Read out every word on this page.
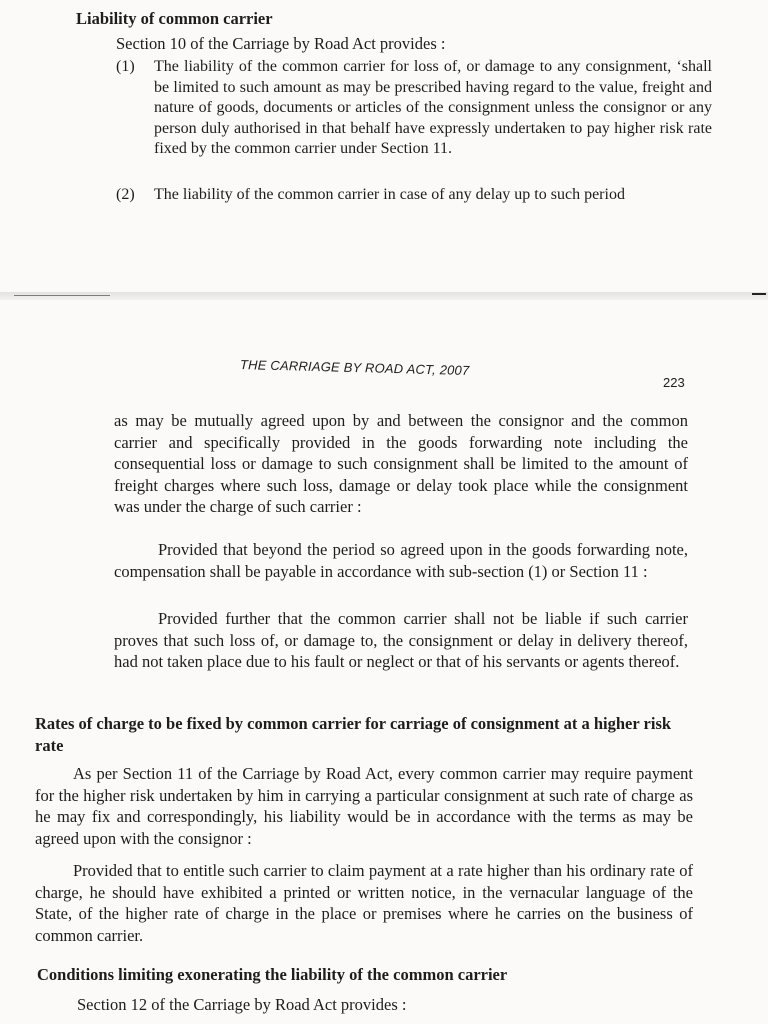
Liability of common carrier

Section 10 of the Carriage by Road Act provides :

(1) The liability of the common carrier for loss of, or damage to any consignment, ‘shall be limited to such amount as may be prescribed having regard to the value, freight and nature of goods, documents or articles of the consignment unless the consignor or any person duly authorised in that behalf have expressly undertaken to pay higher risk rate fixed by the common carrier under Section 11.
(2) The liability of the common carrier in case of any delay up to such period
THE CARRIAGE BY ROAD ACT, 2007
223

as may be mutually agreed upon by and between the consignor and the common carrier and specifically provided in the goods forwarding note including the consequential loss or damage to such consignment shall be limited to the amount of freight charges where such loss, damage or delay took place while the consignment was under the charge of such carrier :

Provided that beyond the period so agreed upon in the goods forwarding note, compensation shall be payable in accordance with sub-section (1) or Section 11 :

Provided further that the common carrier shall not be liable if such carrier proves that such loss of, or damage to, the consignment or delay in delivery thereof, had not taken place due to his fault or neglect or that of his servants or agents thereof.

Rates of charge to be fixed by common carrier for carriage of consignment at a higher risk rate

As per Section 11 of the Carriage by Road Act, every common carrier may require payment for the higher risk undertaken by him in carrying a particular consignment at such rate of charge as he may fix and correspondingly, his liability would be in accordance with the terms as may be agreed upon with the consignor :

Provided that to entitle such carrier to claim payment at a rate higher than his ordinary rate of charge, he should have exhibited a printed or written notice, in the vernacular language of the State, of the higher rate of charge in the place or premises where he carries on the business of common carrier.

Conditions limiting exonerating the liability of the common carrier

Section 12 of the Carriage by Road Act provides :
